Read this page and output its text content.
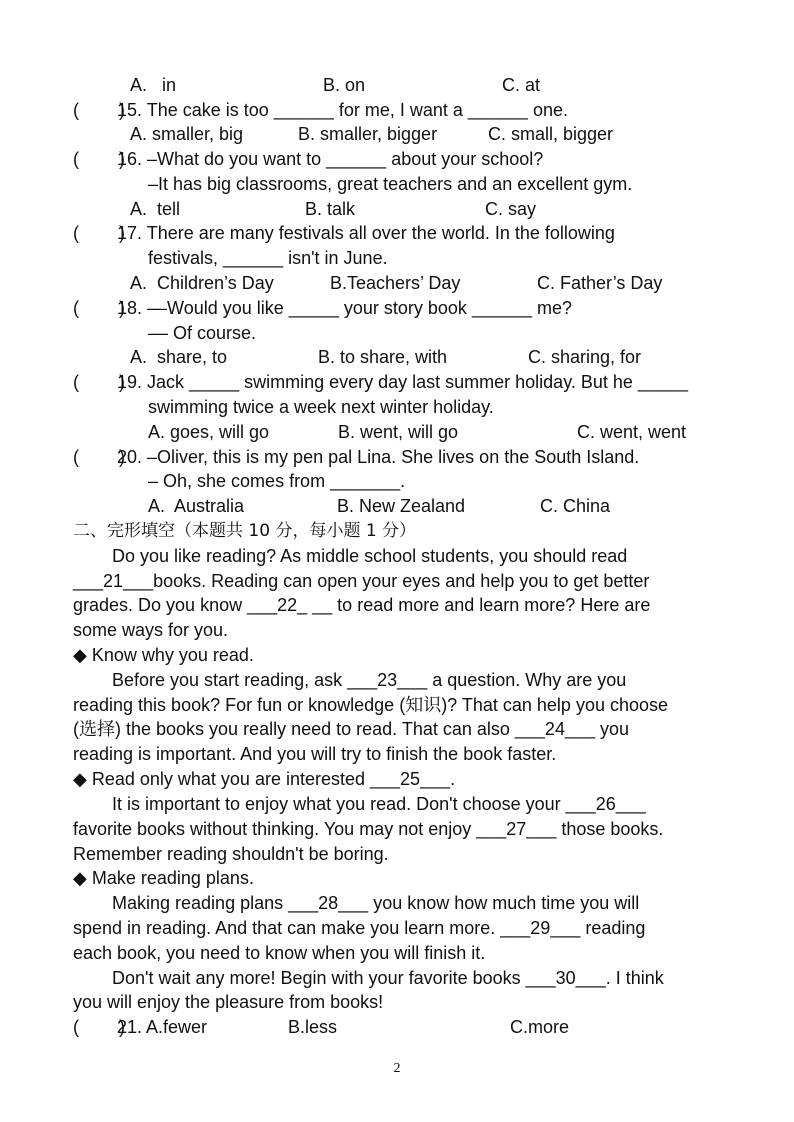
A.   in	B. on	C. at
(        )
15. The cake is too ______ for me, I want a ______ one.
A. smaller, big	B. smaller, bigger	C. small, bigger
(        )
16. –What do you want to ______ about your school?
–It has big classrooms, great teachers and an excellent gym.
A.  tell	B. talk	C. say
(        )
17. There are many festivals all over the world. In the following
festivals, ______ isn't in June.
A.  Children’s Day	B.Teachers’ Day	C. Father’s Day
(        )
18. ––Would you like _____ your story book ______ me?
–– Of course.
A.  share, to	B. to share, with	C. sharing, for
(        )
19. Jack _____ swimming every day last summer holiday. But he _____
swimming twice a week next winter holiday.
A. goes, will go	B. went, will go	C. went, went
(        )
20. –Oliver, this is my pen pal Lina. She lives on the South Island.
– Oh, she comes from _______.
A.  Australia	B. New Zealand	C. China
二、完形填空（本题共 10 分，每小题 1 分）
Do you like reading? As middle school students, you should read
___21___books. Reading can open your eyes and help you to get better
grades. Do you know ___22_ __ to read more and learn more? Here are
some ways for you.
◆ Know why you read.
Before you start reading, ask ___23___ a question. Why are you
reading this book? For fun or knowledge (知识)? That can help you choose
(选择) the books you really need to read. That can also ___24___ you
reading is important. And you will try to finish the book faster.
◆ Read only what you are interested ___25___.
It is important to enjoy what you read. Don't choose your ___26___
favorite books without thinking. You may not enjoy ___27___ those books.
Remember reading shouldn't be boring.
◆ Make reading plans.
Making reading plans ___28___ you know how much time you will
spend in reading. And that can make you learn more. ___29___ reading
each book, you need to know when you will finish it.
Don't wait any more! Begin with your favorite books ___30___. I think
you will enjoy the pleasure from books!
(        )
21. A.fewer	B.less	C.more
2
